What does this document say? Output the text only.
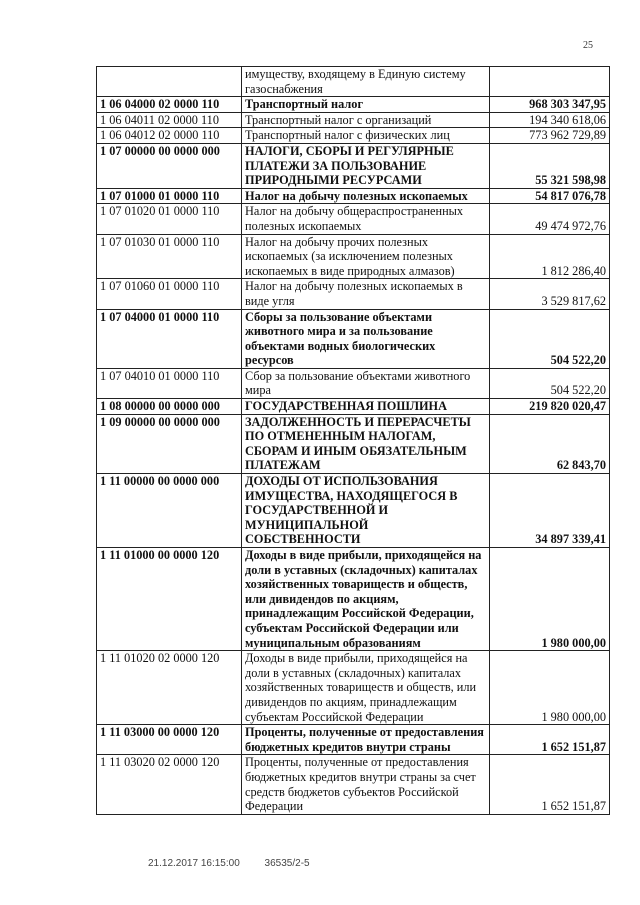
25
	имуществу, входящему в Единую систему газоснабжения	
1 06 04000 02 0000 110	Транспортный налог	968 303 347,95
1 06 04011 02 0000 110	Транспортный налог с организаций	194 340 618,06
1 06 04012 02 0000 110	Транспортный налог с физических лиц	773 962 729,89
1 07 00000 00 0000 000	НАЛОГИ, СБОРЫ И РЕГУЛЯРНЫЕ ПЛАТЕЖИ ЗА ПОЛЬЗОВАНИЕ ПРИРОДНЫМИ РЕСУРСАМИ	55 321 598,98
1 07 01000 01 0000 110	Налог на добычу полезных ископаемых	54 817 076,78
1 07 01020 01 0000 110	Налог на добычу общераспространенных полезных ископаемых	49 474 972,76
1 07 01030 01 0000 110	Налог на добычу прочих полезных ископаемых (за исключением полезных ископаемых в виде природных алмазов)	1 812 286,40
1 07 01060 01 0000 110	Налог на добычу полезных ископаемых в виде угля	3 529 817,62
1 07 04000 01 0000 110	Сборы за пользование объектами животного мира и за пользование объектами водных биологических ресурсов	504 522,20
1 07 04010 01 0000 110	Сбор за пользование объектами животного мира	504 522,20
1 08 00000 00 0000 000	ГОСУДАРСТВЕННАЯ ПОШЛИНА	219 820 020,47
1 09 00000 00 0000 000	ЗАДОЛЖЕННОСТЬ И ПЕРЕРАСЧЕТЫ ПО ОТМЕНЕННЫМ НАЛОГАМ, СБОРАМ И ИНЫМ ОБЯЗАТЕЛЬНЫМ ПЛАТЕЖАМ	62 843,70
1 11 00000 00 0000 000	ДОХОДЫ ОТ ИСПОЛЬЗОВАНИЯ ИМУЩЕСТВА, НАХОДЯЩЕГОСЯ В ГОСУДАРСТВЕННОЙ И МУНИЦИПАЛЬНОЙ СОБСТВЕННОСТИ	34 897 339,41
1 11 01000 00 0000 120	Доходы в виде прибыли, приходящейся на доли в уставных (складочных) капиталах хозяйственных товариществ и обществ, или дивидендов по акциям, принадлежащим Российской Федерации, субъектам Российской Федерации или муниципальным образованиям	1 980 000,00
1 11 01020 02 0000 120	Доходы в виде прибыли, приходящейся на доли в уставных (складочных) капиталах хозяйственных товариществ и обществ, или дивидендов по акциям, принадлежащим субъектам Российской Федерации	1 980 000,00
1 11 03000 00 0000 120	Проценты, полученные от предоставления бюджетных кредитов внутри страны	1 652 151,87
1 11 03020 02 0000 120	Проценты, полученные от предоставления бюджетных кредитов внутри страны за счет средств бюджетов субъектов Российской Федерации	1 652 151,87
21.12.2017 16:15:00 36535/2-5
